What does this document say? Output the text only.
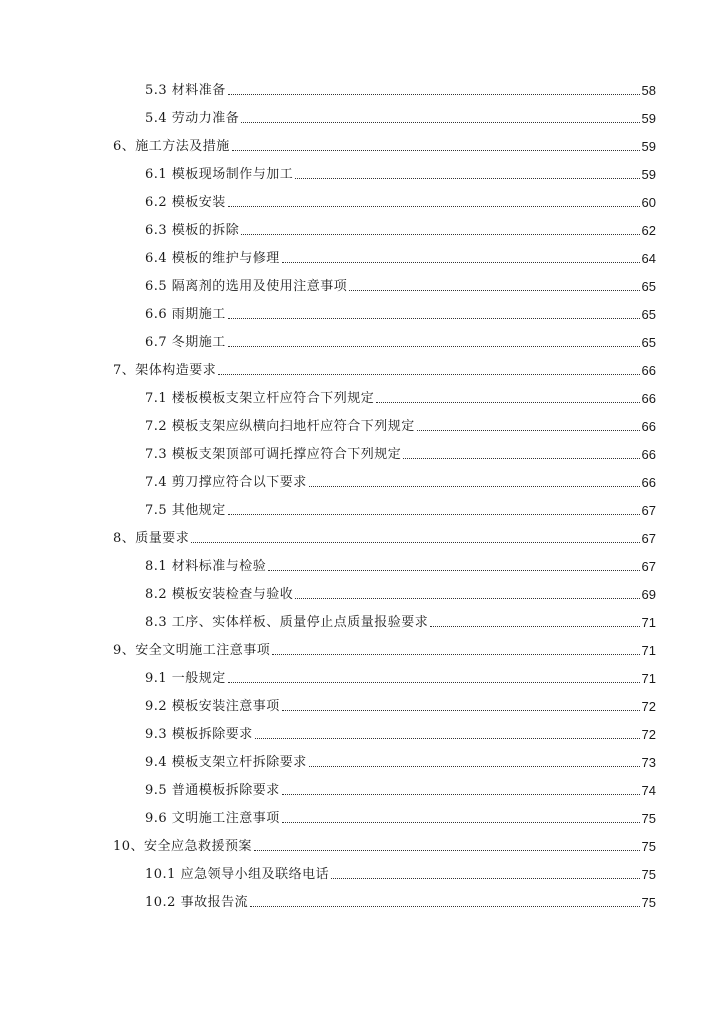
5.3 材料准备	58
5.4 劳动力准备	59
6、施工方法及措施	59
6.1 模板现场制作与加工	59
6.2 模板安装	60
6.3 模板的拆除	62
6.4 模板的维护与修理	64
6.5 隔离剂的选用及使用注意事项	65
6.6 雨期施工	65
6.7 冬期施工	65
7、架体构造要求	66
7.1 楼板模板支架立杆应符合下列规定	66
7.2 模板支架应纵横向扫地杆应符合下列规定	66
7.3 模板支架顶部可调托撑应符合下列规定	66
7.4 剪刀撑应符合以下要求	66
7.5 其他规定	67
8、质量要求	67
8.1 材料标准与检验	67
8.2 模板安装检查与验收	69
8.3 工序、实体样板、质量停止点质量报验要求	71
9、安全文明施工注意事项	71
9.1 一般规定	71
9.2 模板安装注意事项	72
9.3 模板拆除要求	72
9.4 模板支架立杆拆除要求	73
9.5 普通模板拆除要求	74
9.6 文明施工注意事项	75
10、安全应急救援预案	75
10.1 应急领导小组及联络电话	75
10.2 事故报告流	75
